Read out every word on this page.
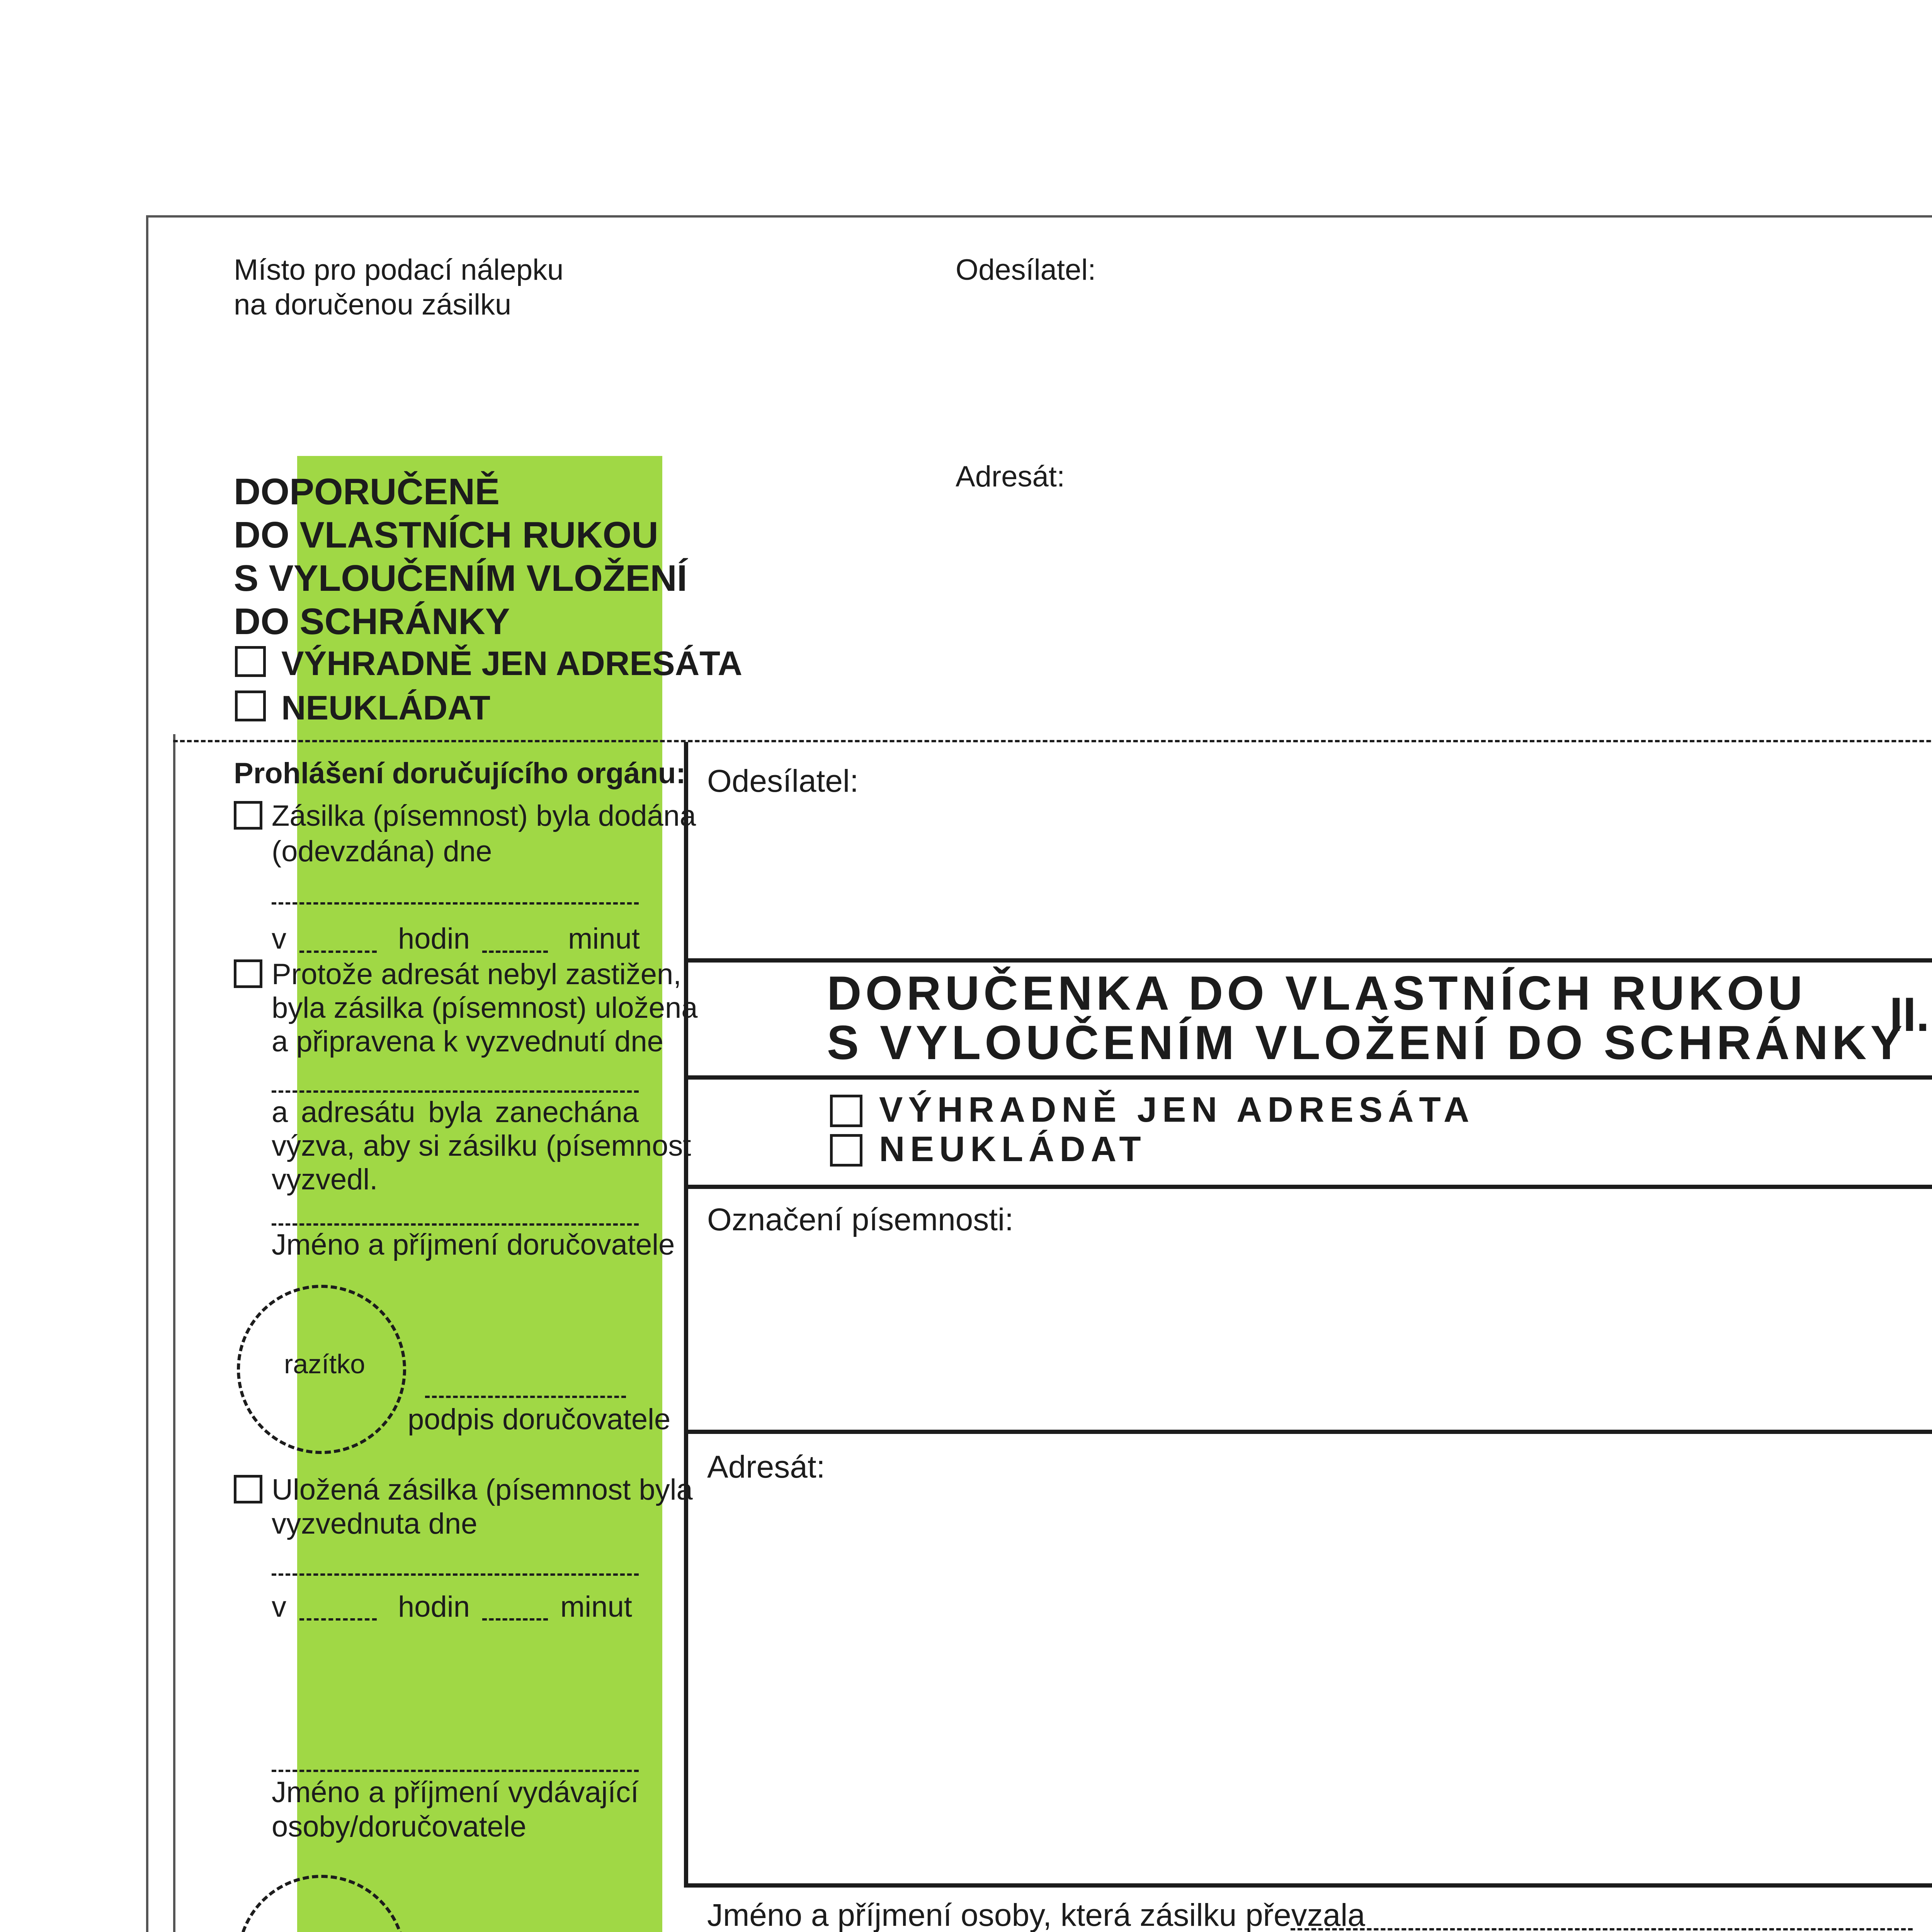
Místo pro podací nálepku
na doručenou zásilku
Odesílatel:
Adresát:
DOPORUČENĚ
DO VLASTNÍCH RUKOU
S VYLOUČENÍM VLOŽENÍ
DO SCHRÁNKY
VÝHRADNĚ JEN ADRESÁTA
NEUKLÁDAT
Prohlášení doručujícího orgánu:
Zásilka (písemnost) byla dodána
(odevzdána) dne
v	hodin	minut
Protože adresát nebyl zastižen,
byla zásilka (písemnost) uložena
a připravena k vyzvednutí dne
a adresátu byla zanechána
výzva, aby si zásilku (písemnost
vyzvedl.
Jméno a příjmení doručovatele
razítko
podpis doručovatele
Uložená zásilka (písemnost byla
vyzvednuta dne
v	hodin	minut
Jméno a příjmení vydávající
osoby/doručovatele
Odesílatel:
DORUČENKA DO VLASTNÍCH RUKOU
S VYLOUČENÍM VLOŽENÍ DO SCHRÁNKY
II.
VÝHRADNĚ JEN ADRESÁTA
NEUKLÁDAT
Označení písemnosti:
Adresát:
Jméno a příjmení osoby, která zásilku převzala
